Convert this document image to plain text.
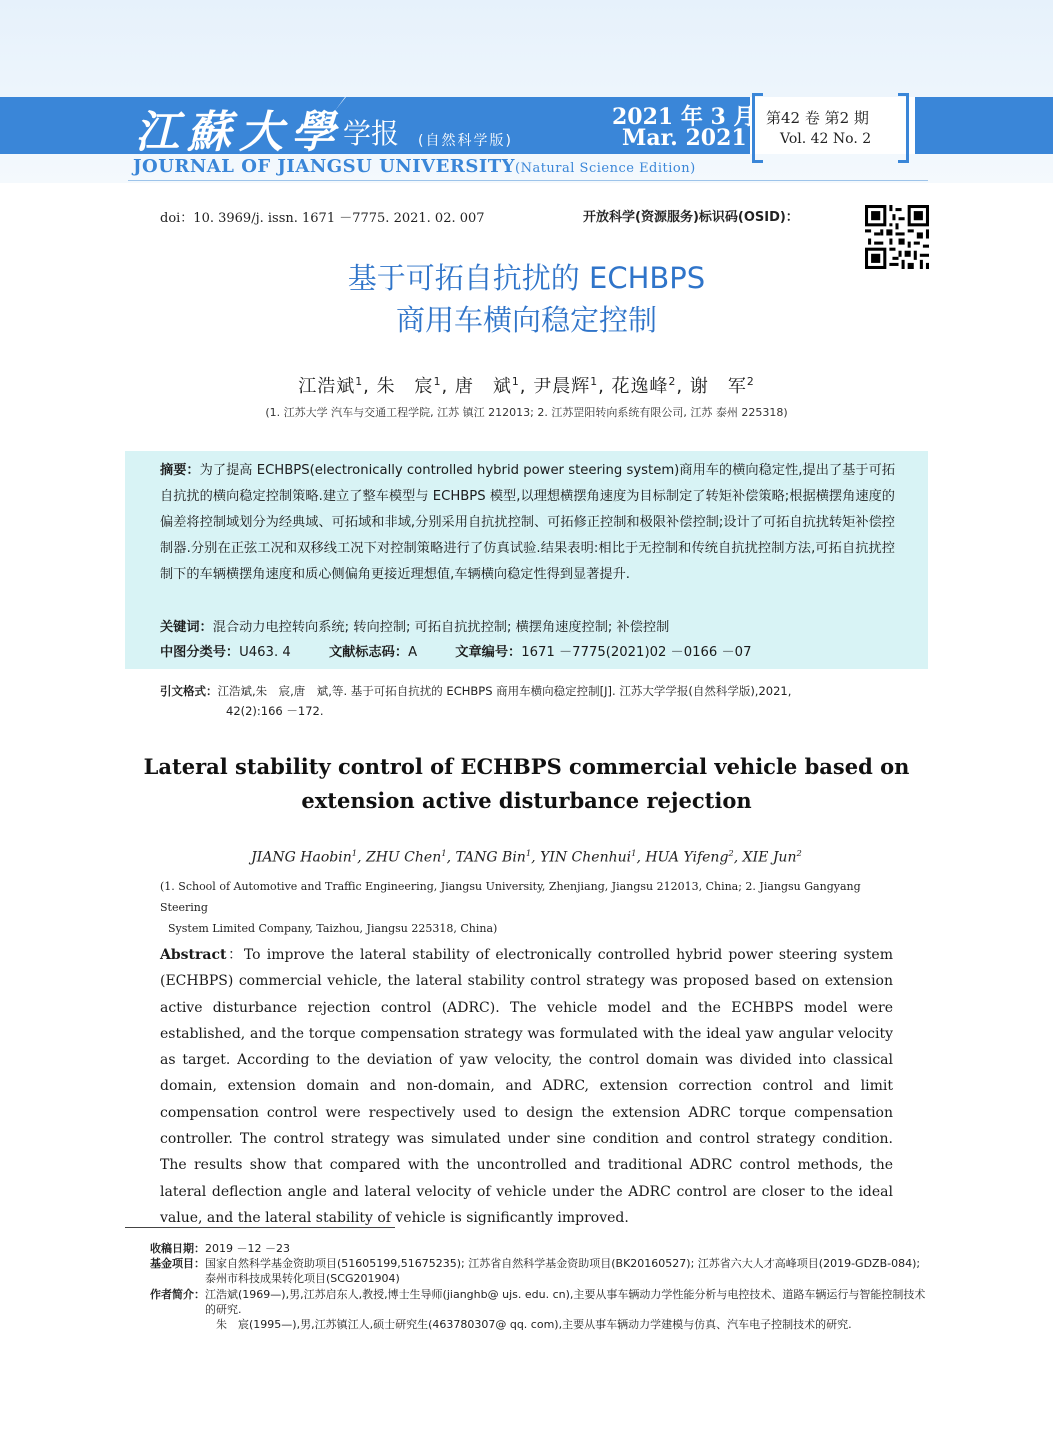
江蘇大學 学报 (自然科学版)
2021 年 3 月
Mar. 2021
第42 卷 第2 期
Vol. 42 No. 2
JOURNAL OF JIANGSU UNIVERSITY(Natural Science Edition)
doi：10. 3969/j. issn. 1671 －7775. 2021. 02. 007	开放科学(资源服务)标识码(OSID)：
基于可拓自抗扰的 ECHBPS
商用车横向稳定控制
江浩斌$^1$, 朱　宸$^1$, 唐　斌$^1$, 尹晨辉$^1$, 花逸峰$^2$, 谢　军$^2$
(1. 江苏大学 汽车与交通工程学院, 江苏 镇江 212013; 2. 江苏罡阳转向系统有限公司, 江苏 泰州 225318)
摘要：为了提高 ECHBPS(electronically controlled hybrid power steering system)商用车的横向稳定性,提出了基于可拓自抗扰的横向稳定控制策略.建立了整车模型与 ECHBPS 模型,以理想横摆角速度为目标制定了转矩补偿策略;根据横摆角速度的偏差将控制域划分为经典域、可拓域和非域,分别采用自抗扰控制、可拓修正控制和极限补偿控制;设计了可拓自抗扰转矩补偿控制器.分别在正弦工况和双移线工况下对控制策略进行了仿真试验.结果表明:相比于无控制和传统自抗扰控制方法,可拓自抗扰控制下的车辆横摆角速度和质心侧偏角更接近理想值,车辆横向稳定性得到显著提升.
关键词：混合动力电控转向系统; 转向控制; 可拓自抗扰控制; 横摆角速度控制; 补偿控制
中图分类号：U463. 4	文献标志码：A	文章编号：1671 －7775(2021)02 －0166 －07
引文格式：江浩斌,朱　宸,唐　斌,等. 基于可拓自抗扰的 ECHBPS 商用车横向稳定控制[J]. 江苏大学学报(自然科学版),2021,
42(2):166 －172.
Lateral stability control of ECHBPS commercial vehicle based on
extension active disturbance rejection
JIANG Haobin$^1$, ZHU Chen$^1$, TANG Bin$^1$, YIN Chenhui$^1$, HUA Yifeng$^2$, XIE Jun$^2$
(1. School of Automotive and Traffic Engineering, Jiangsu University, Zhenjiang, Jiangsu 212013, China; 2. Jiangsu Gangyang Steering
System Limited Company, Taizhou, Jiangsu 225318, China)
Abstract：To improve the lateral stability of electronically controlled hybrid power steering system (ECHBPS) commercial vehicle, the lateral stability control strategy was proposed based on extension active disturbance rejection control (ADRC). The vehicle model and the ECHBPS model were established, and the torque compensation strategy was formulated with the ideal yaw angular velocity as target. According to the deviation of yaw velocity, the control domain was divided into classical domain, extension domain and non-domain, and ADRC, extension correction control and limit compensation control were respectively used to design the extension ADRC torque compensation controller. The control strategy was simulated under sine condition and control strategy condition. The results show that compared with the uncontrolled and traditional ADRC control methods, the lateral deflection angle and lateral velocity of vehicle under the ADRC control are closer to the ideal value, and the lateral stability of vehicle is significantly improved.
收稿日期： 2019 －12 －23
基金项目： 国家自然科学基金资助项目(51605199,51675235); 江苏省自然科学基金资助项目(BK20160527); 江苏省六大人才高峰项目(2019-GDZB-084); 泰州市科技成果转化项目(SCG201904)
作者简介： 江浩斌(1969—),男,江苏启东人,教授,博士生导师(jianghb@ ujs. edu. cn),主要从事车辆动力学性能分析与电控技术、道路车辆运行与智能控制技术的研究.
朱　宸(1995—),男,江苏镇江人,硕士研究生(463780307@ qq. com),主要从事车辆动力学建模与仿真、汽车电子控制技术的研究.
